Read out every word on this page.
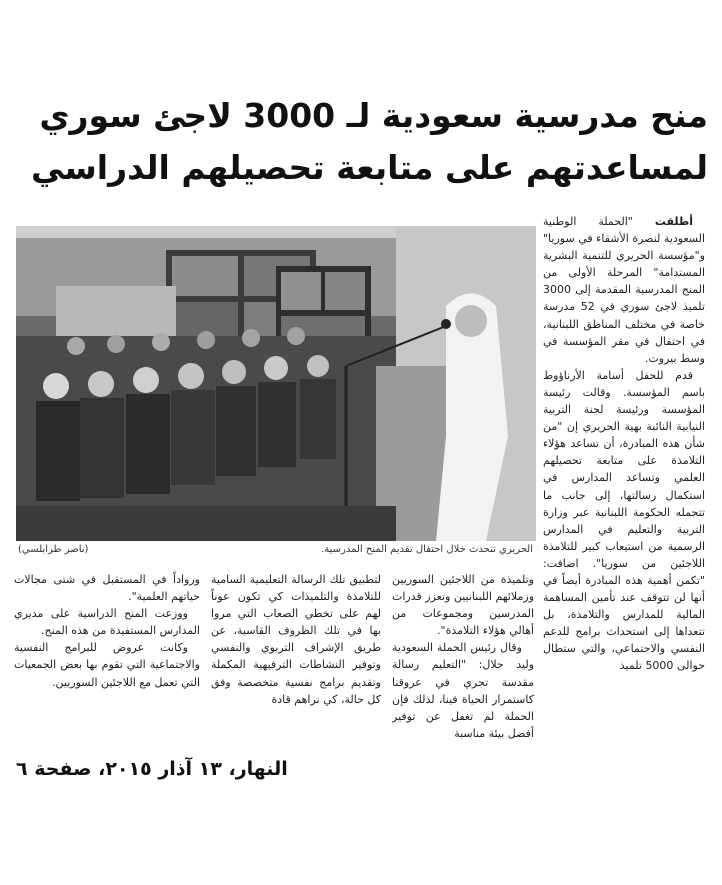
منح مدرسية سعودية لـ 3000 لاجئ سوري
لمساعدتهم على متابعة تحصيلهم الدراسي

أطلقت "الحملة الوطنية السعودية لنصرة الأشقاء في سوريا" و"مؤسسة الحريري للتنمية البشرية المستدامة" المرحلة الأولى من المنح المدرسية المقدمة إلى 3000 تلميذ لاجئ سوري في 52 مدرسة خاصة في مختلف المناطق اللبنانية، في احتفال في مقر المؤسسة في وسط بيروت.

قدم للحفل أسامة الأرناؤوط باسم المؤسسة. وقالت رئيسة المؤسسة ورئيسة لجنة التربية النيابية النائبة بهية الحريري إن "من شأن هذه المبادرة، أن تساعد هؤلاء التلامذة على متابعة تحصيلهم العلمي وتساعد المدارس في استكمال رسالتها، إلى جانب ما تتحمله الحكومة اللبنانية عبر وزارة التربية والتعليم في المدارس الرسمية من استيعاب كبير للتلامذة اللاجئين من سوريا". اضافت: "تكمن أهمية هذه المبادرة أيضاً في أنها لن تتوقف عند تأمين المساهمة المالية للمدارس والتلامذة، بل تتعداها إلى استحداث برامج للدعم النفسي والاجتماعي، والتي ستطال حوالى 5000 تلميذ

الحريري تتحدث خلال احتفال تقديم المنح المدرسية.
(ناصر طرابلسي)

وتلميذة من اللاجئين السوريين وزملائهم اللبنانيين وتعزز قدرات المدرسين ومجموعات من أهالي هؤلاء التلامذة".

وقال رئيس الحملة السعودية وليد جلال: "التعليم رسالة مقدسة تجري في عروقنا كاستمرار الحياة فينا، لذلك فإن الحملة لم تغفل عن توفير أفضل بيئة مناسبة

لتطبيق تلك الرسالة التعليمية السامية للتلامذة والتلميذات كي تكون عوناً لهم على تخطي الصعاب التي مروا بها في تلك الظروف القاسية، عن طريق الإشراف التربوي والنفسي وتوفير النشاطات الترفيهية المكملة وتقديم برامج نفسية متخصصة وفق كل حالة، كي نراهم قادة

ورواداً في المستقبل في شتى مجالات حياتهم العلمية".

ووزعت المنح الدراسية على مديري المدارس المستفيدة من هذه المنح.

وكانت عروض للبرامج النفسية والاجتماعية التي تقوم بها بعض الجمعيات التي تعمل مع اللاجئين السوريين.

النهار، ١٣ آذار ٢٠١٥، صفحة ٦
